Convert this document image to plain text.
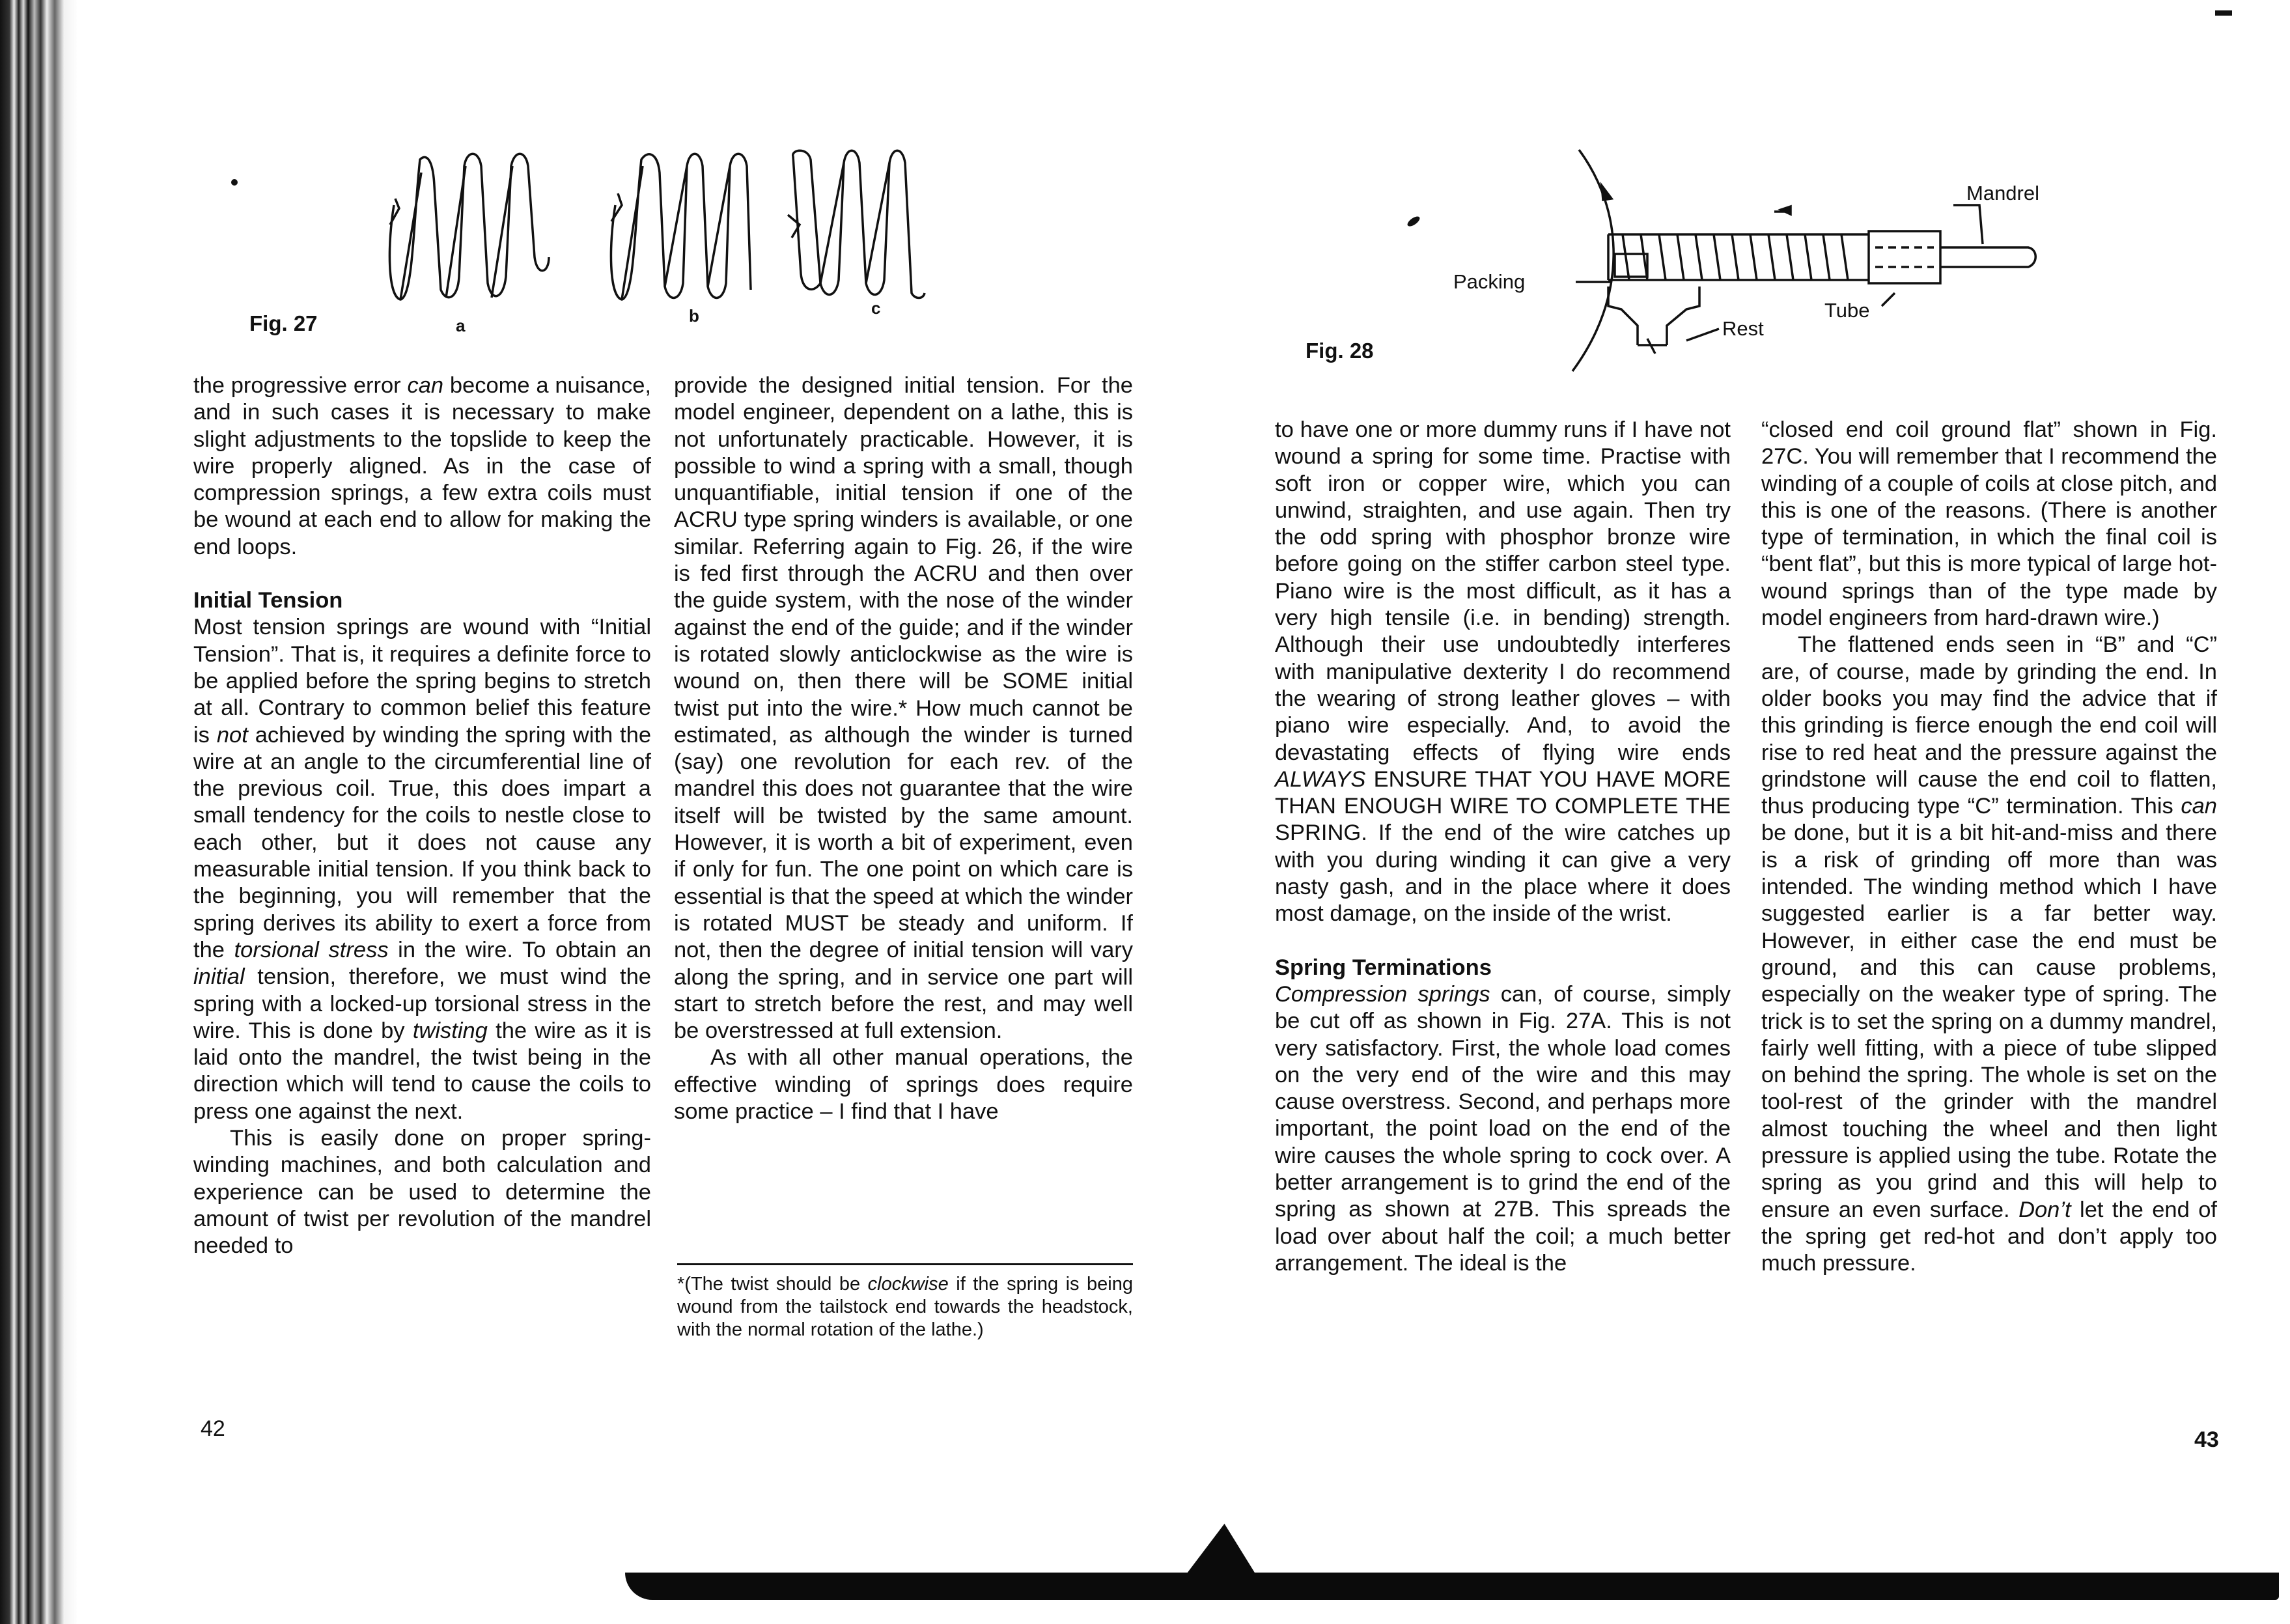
Fig. 27	a	b	c
Fig. 28
Mandrel
Packing
Tube
Rest

the progressive error can become a nuisance, and in such cases it is necessary to make slight adjustments to the topslide to keep the wire properly aligned. As in the case of compression springs, a few extra coils must be wound at each end to allow for making the end loops.

Initial Tension

Most tension springs are wound with “Initial Tension”. That is, it requires a definite force to be applied before the spring begins to stretch at all. Contrary to common belief this feature is not achieved by winding the spring with the wire at an angle to the circumferential line of the previous coil. True, this does impart a small tendency for the coils to nestle close to each other, but it does not cause any measurable initial tension. If you think back to the beginning, you will remember that the spring derives its ability to exert a force from the torsional stress in the wire. To obtain an initial tension, therefore, we must wind the spring with a locked-up torsional stress in the wire. This is done by twisting the wire as it is laid onto the mandrel, the twist being in the direction which will tend to cause the coils to press one against the next.

This is easily done on proper spring-winding machines, and both calculation and experience can be used to determine the amount of twist per revolution of the mandrel needed to

provide the designed initial tension. For the model engineer, dependent on a lathe, this is not unfortunately practicable. However, it is possible to wind a spring with a small, though unquantifiable, initial tension if one of the ACRU type spring winders is available, or one similar. Referring again to Fig. 26, if the wire is fed first through the ACRU and then over the guide system, with the nose of the winder against the end of the guide; and if the winder is rotated slowly anticlockwise as the wire is wound on, then there will be SOME initial twist put into the wire.* How much cannot be estimated, as although the winder is turned (say) one revolution for each rev. of the mandrel this does not guarantee that the wire itself will be twisted by the same amount. However, it is worth a bit of experiment, even if only for fun. The one point on which care is essential is that the speed at which the winder is rotated MUST be steady and uniform. If not, then the degree of initial tension will vary along the spring, and in service one part will start to stretch before the rest, and may well be overstressed at full extension.

As with all other manual operations, the effective winding of springs does require some practice – I find that I have

*(The twist should be clockwise if the spring is being wound from the tailstock end towards the headstock, with the normal rotation of the lathe.)
42

to have one or more dummy runs if I have not wound a spring for some time. Practise with soft iron or copper wire, which you can unwind, straighten, and use again. Then try the odd spring with phosphor bronze wire before going on the stiffer carbon steel type. Piano wire is the most difficult, as it has a very high tensile (i.e. in bending) strength. Although their use undoubtedly interferes with manipulative dexterity I do recommend the wearing of strong leather gloves – with piano wire especially. And, to avoid the devastating effects of flying wire ends ALWAYS ENSURE THAT YOU HAVE MORE THAN ENOUGH WIRE TO COMPLETE THE SPRING. If the end of the wire catches up with you during winding it can give a very nasty gash, and in the place where it does most damage, on the inside of the wrist.

Spring Terminations

Compression springs can, of course, simply be cut off as shown in Fig. 27A. This is not very satisfactory. First, the whole load comes on the very end of the wire and this may cause overstress. Second, and perhaps more important, the point load on the end of the wire causes the whole spring to cock over. A better arrangement is to grind the end of the spring as shown at 27B. This spreads the load over about half the coil; a much better arrangement. The ideal is the

“closed end coil ground flat” shown in Fig. 27C. You will remember that I recommend the winding of a couple of coils at close pitch, and this is one of the reasons. (There is another type of termination, in which the final coil is “bent flat”, but this is more typical of large hot-wound springs than of the type made by model engineers from hard-drawn wire.)

The flattened ends seen in “B” and “C” are, of course, made by grinding the end. In older books you may find the advice that if this grinding is fierce enough the end coil will rise to red heat and the pressure against the grindstone will cause the end coil to flatten, thus producing type “C” termination. This can be done, but it is a bit hit-and-miss and there is a risk of grinding off more than was intended. The winding method which I have suggested earlier is a far better way. However, in either case the end must be ground, and this can cause problems, especially on the weaker type of spring. The trick is to set the spring on a dummy mandrel, fairly well fitting, with a piece of tube slipped on behind the spring. The whole is set on the tool-rest of the grinder with the mandrel almost touching the wheel and then light pressure is applied using the tube. Rotate the spring as you grind and this will help to ensure an even surface. Don’t let the end of the spring get red-hot and don’t apply too much pressure.

43
